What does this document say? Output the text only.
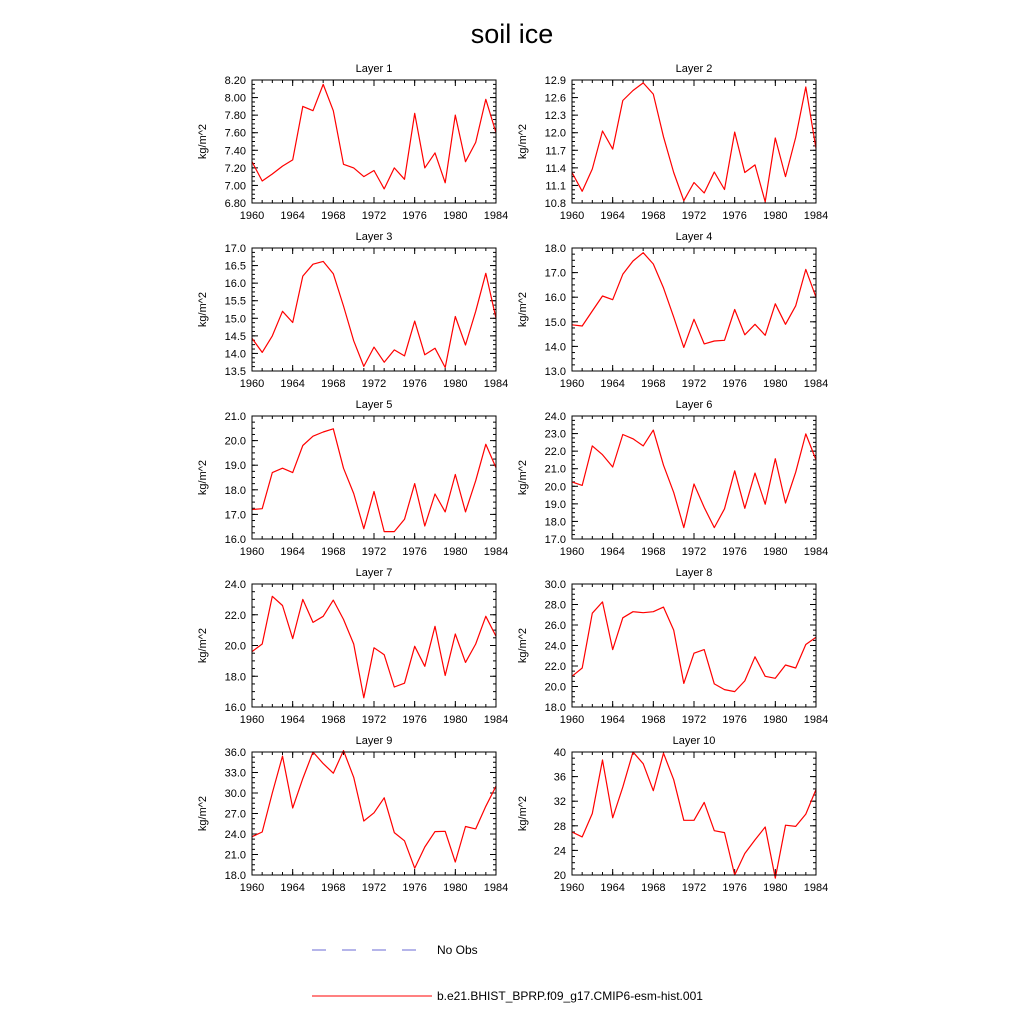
soil ice
Layer 1
kg/m^2
1960 1964 1968 1972 1976 1980 1984
6.80
7.00
7.20
7.40
7.60
7.80
8.00
8.20
Layer 2
kg/m^2
1960 1964 1968 1972 1976 1980 1984
10.8
11.1
11.4
11.7
12.0
12.3
12.6
12.9
Layer 3
kg/m^2
1960 1964 1968 1972 1976 1980 1984
13.5
14.0
14.5
15.0
15.5
16.0
16.5
17.0
Layer 4
kg/m^2
1960 1964 1968 1972 1976 1980 1984
13.0
14.0
15.0
16.0
17.0
18.0
Layer 5
kg/m^2
1960 1964 1968 1972 1976 1980 1984
16.0
17.0
18.0
19.0
20.0
21.0
Layer 6
kg/m^2
1960 1964 1968 1972 1976 1980 1984
17.0
18.0
19.0
20.0
21.0
22.0
23.0
24.0
Layer 7
kg/m^2
1960 1964 1968 1972 1976 1980 1984
16.0
18.0
20.0
22.0
24.0
Layer 8
kg/m^2
1960 1964 1968 1972 1976 1980 1984
18.0
20.0
22.0
24.0
26.0
28.0
30.0
Layer 9
kg/m^2
1960 1964 1968 1972 1976 1980 1984
18.0
21.0
24.0
27.0
30.0
33.0
36.0
Layer 10
kg/m^2
1960 1964 1968 1972 1976 1980 1984
20
24
28
32
36
40
No Obs
b.e21.BHIST_BPRP.f09_g17.CMIP6-esm-hist.001
